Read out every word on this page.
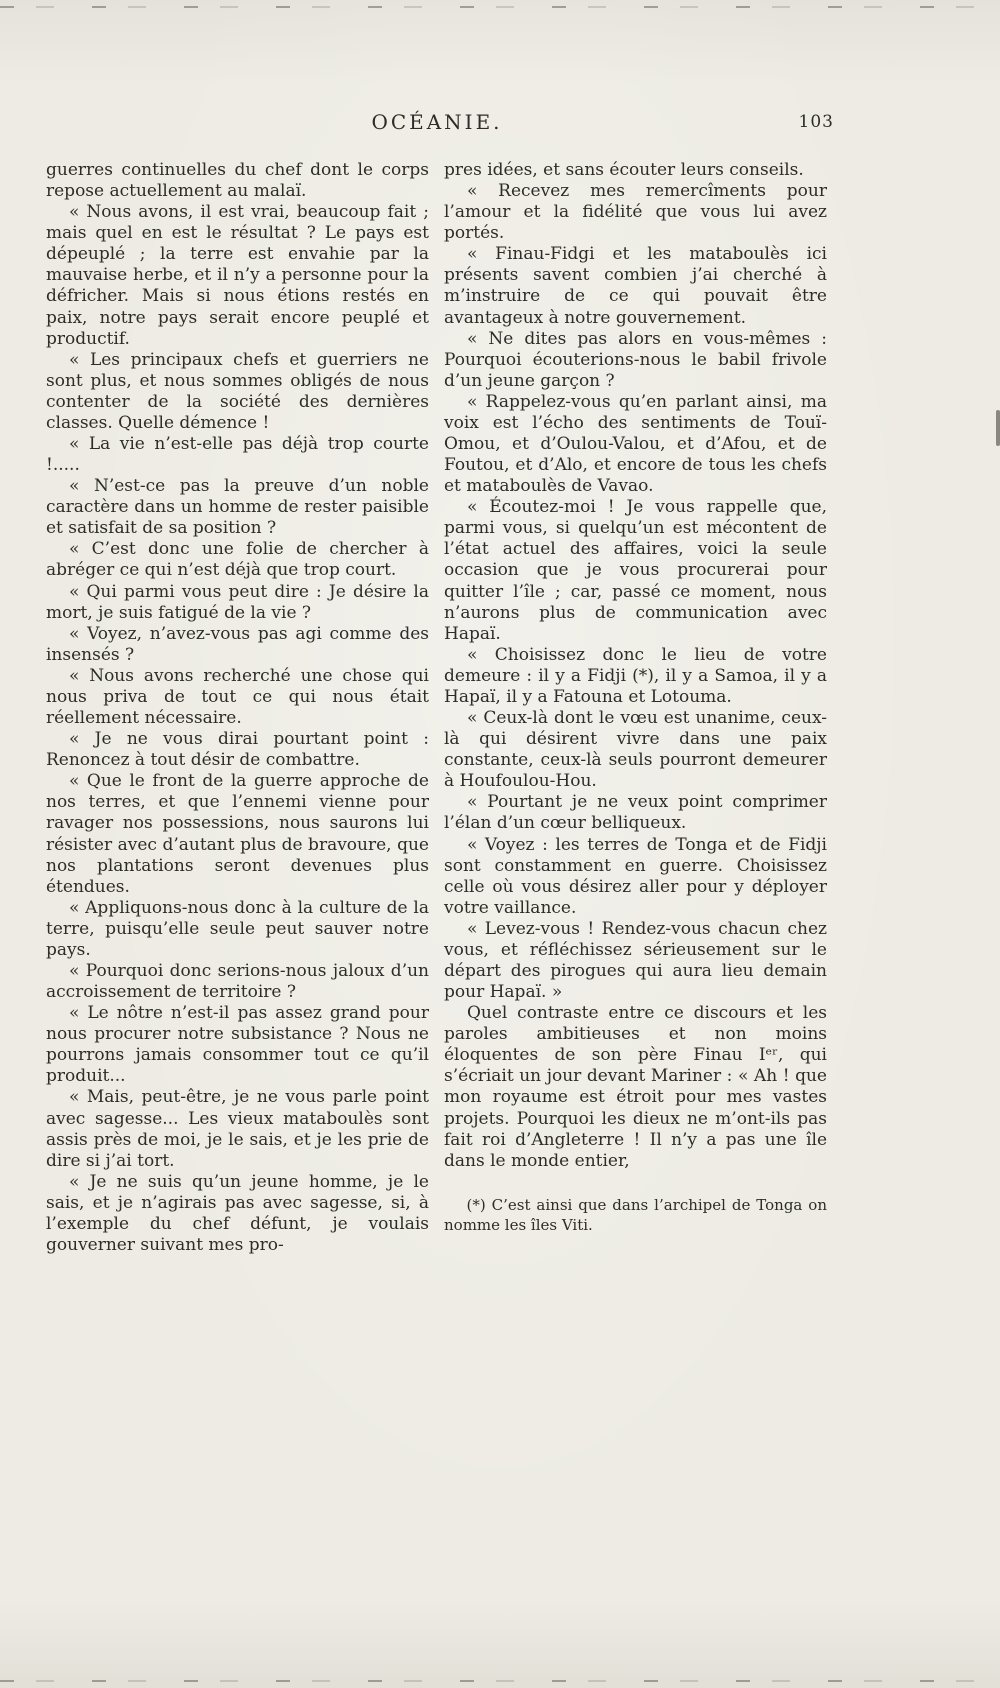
OCÉANIE.	103

guerres continuelles du chef dont le corps repose actuellement au malaï.

« Nous avons, il est vrai, beaucoup fait ; mais quel en est le résultat ? Le pays est dépeuplé ; la terre est envahie par la mauvaise herbe, et il n’y a personne pour la défricher. Mais si nous étions restés en paix, notre pays serait encore peuplé et productif.

« Les principaux chefs et guerriers ne sont plus, et nous sommes obligés de nous contenter de la société des dernières classes. Quelle démence !

« La vie n’est-elle pas déjà trop courte !.....

« N’est-ce pas la preuve d’un noble caractère dans un homme de rester paisible et satisfait de sa position ?

« C’est donc une folie de chercher à abréger ce qui n’est déjà que trop court.

« Qui parmi vous peut dire : Je désire la mort, je suis fatigué de la vie ?

« Voyez, n’avez-vous pas agi comme des insensés ?

« Nous avons recherché une chose qui nous priva de tout ce qui nous était réellement nécessaire.

« Je ne vous dirai pourtant point : Renoncez à tout désir de combattre.

« Que le front de la guerre approche de nos terres, et que l’ennemi vienne pour ravager nos possessions, nous saurons lui résister avec d’autant plus de bravoure, que nos plantations seront devenues plus étendues.

« Appliquons-nous donc à la culture de la terre, puisqu’elle seule peut sauver notre pays.

« Pourquoi donc serions-nous jaloux d’un accroissement de territoire ?

« Le nôtre n’est-il pas assez grand pour nous procurer notre subsistance ? Nous ne pourrons jamais consommer tout ce qu’il produit...

« Mais, peut-être, je ne vous parle point avec sagesse... Les vieux mataboulès sont assis près de moi, je le sais, et je les prie de dire si j’ai tort.

« Je ne suis qu’un jeune homme, je le sais, et je n’agirais pas avec sagesse, si, à l’exemple du chef défunt, je voulais gouverner suivant mes pro-

pres idées, et sans écouter leurs conseils.

« Recevez mes remercîments pour l’amour et la fidélité que vous lui avez portés.

« Finau-Fidgi et les mataboulès ici présents savent combien j’ai cherché à m’instruire de ce qui pouvait être avantageux à notre gouvernement.

« Ne dites pas alors en vous-mêmes : Pourquoi écouterions-nous le babil frivole d’un jeune garçon ?

« Rappelez-vous qu’en parlant ainsi, ma voix est l’écho des sentiments de Touï-Omou, et d’Oulou-Valou, et d’Afou, et de Foutou, et d’Alo, et encore de tous les chefs et mataboulès de Vavao.

« Écoutez-moi ! Je vous rappelle que, parmi vous, si quelqu’un est mécontent de l’état actuel des affaires, voici la seule occasion que je vous procurerai pour quitter l’île ; car, passé ce moment, nous n’aurons plus de communication avec Hapaï.

« Choisissez donc le lieu de votre demeure : il y a Fidji (*), il y a Samoa, il y a Hapaï, il y a Fatouna et Lotouma.

« Ceux-là dont le vœu est unanime, ceux-là qui désirent vivre dans une paix constante, ceux-là seuls pourront demeurer à Houfoulou-Hou.

« Pourtant je ne veux point comprimer l’élan d’un cœur belliqueux.

« Voyez : les terres de Tonga et de Fidji sont constamment en guerre. Choisissez celle où vous désirez aller pour y déployer votre vaillance.

« Levez-vous ! Rendez-vous chacun chez vous, et réfléchissez sérieusement sur le départ des pirogues qui aura lieu demain pour Hapaï. »

Quel contraste entre ce discours et les paroles ambitieuses et non moins éloquentes de son père Finau Iᵉʳ, qui s’écriait un jour devant Mariner : « Ah ! que mon royaume est étroit pour mes vastes projets. Pourquoi les dieux ne m’ont-ils pas fait roi d’Angleterre ! Il n’y a pas une île dans le monde entier,

(*) C’est ainsi que dans l’archipel de Tonga on nomme les îles Viti.
